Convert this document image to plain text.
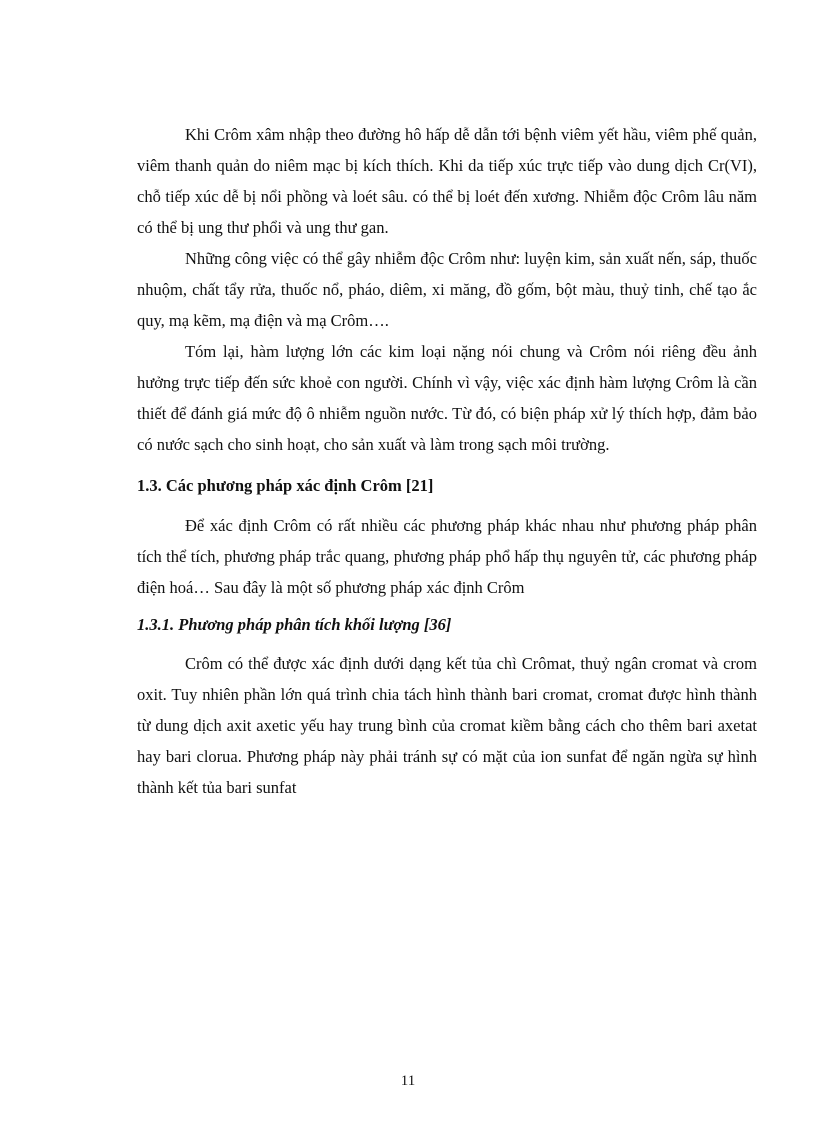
Khi Crôm xâm nhập theo đường hô hấp dễ dẫn tới bệnh viêm yết hầu, viêm phế quản, viêm thanh quản do niêm mạc bị kích thích. Khi da tiếp xúc trực tiếp vào dung dịch Cr(VI), chỗ tiếp xúc dễ bị nổi phồng và loét sâu. có thể bị loét đến xương. Nhiễm độc Crôm lâu năm có thể bị ung thư phổi và ung thư gan.

Những công việc có thể gây nhiễm độc Crôm như: luyện kim, sản xuất nến, sáp, thuốc nhuộm, chất tẩy rửa, thuốc nổ, pháo, diêm, xi măng, đồ gốm, bột màu, thuỷ tinh, chế tạo ắc quy, mạ kẽm, mạ điện và mạ Crôm….

Tóm lại, hàm lượng lớn các kim loại nặng nói chung và Crôm nói riêng đều ảnh hưởng trực tiếp đến sức khoẻ con người. Chính vì vậy, việc xác định hàm lượng Crôm là cần thiết để đánh giá mức độ ô nhiễm nguồn nước. Từ đó, có biện pháp xử lý thích hợp, đảm bảo có nước sạch cho sinh hoạt, cho sản xuất và làm trong sạch môi trường.

1.3. Các phương pháp xác định Crôm [21]

Để xác định Crôm có rất nhiều các phương pháp khác nhau như phương pháp phân tích thể tích, phương pháp trắc quang, phương pháp phổ hấp thụ nguyên tử, các phương pháp điện hoá… Sau đây là một số phương pháp xác định Crôm

1.3.1. Phương pháp phân tích khối lượng [36]

Crôm có thể được xác định dưới dạng kết tủa chì Crômat, thuỷ ngân cromat và crom oxit. Tuy nhiên phần lớn quá trình chia tách hình thành bari cromat, cromat được hình thành từ dung dịch axit axetic yếu hay trung bình của cromat kiềm bằng cách cho thêm bari axetat hay bari clorua. Phương pháp này phải tránh sự có mặt của ion sunfat để ngăn ngừa sự hình thành kết tủa bari sunfat

11
